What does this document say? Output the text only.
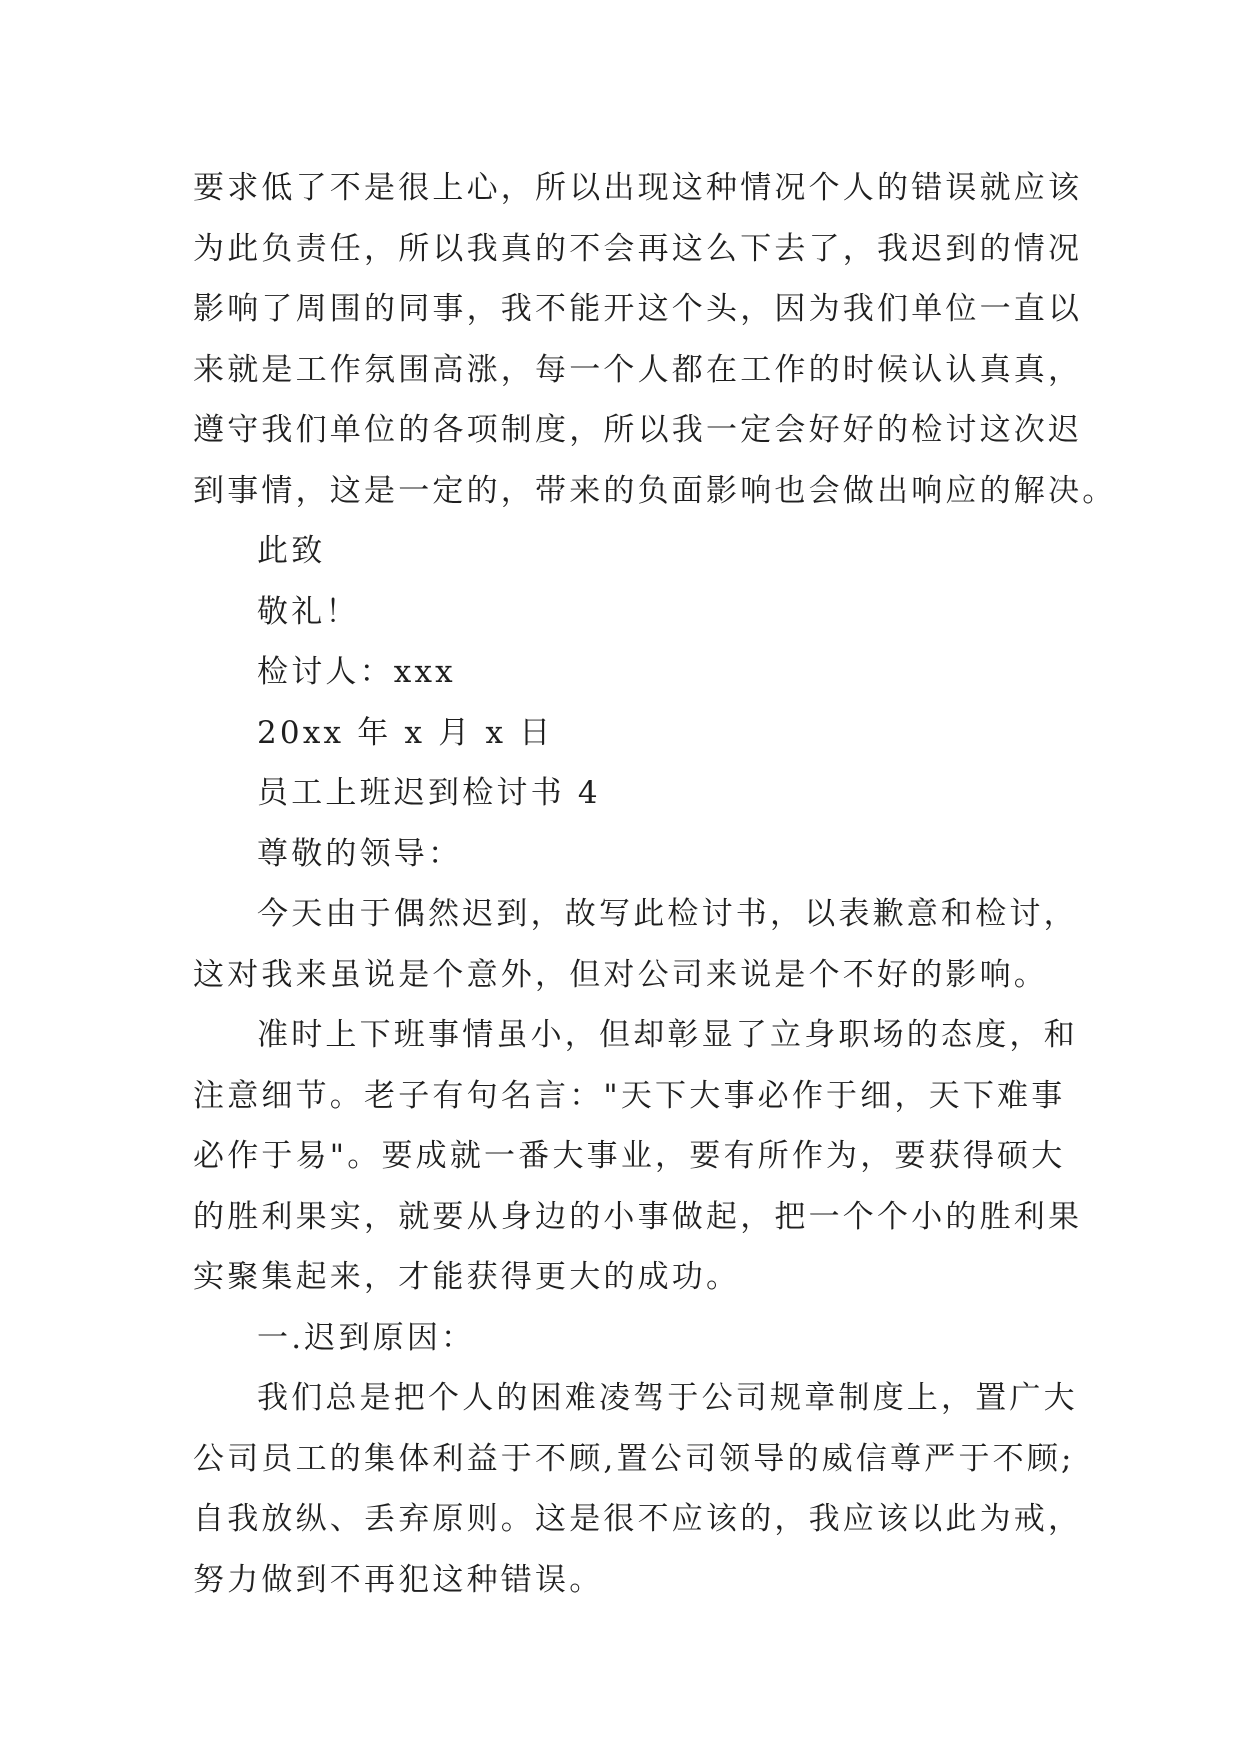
要求低了不是很上心，所以出现这种情况个人的错误就应该
为此负责任，所以我真的不会再这么下去了，我迟到的情况
影响了周围的同事，我不能开这个头，因为我们单位一直以
来就是工作氛围高涨，每一个人都在工作的时候认认真真，
遵守我们单位的各项制度，所以我一定会好好的检讨这次迟
到事情，这是一定的，带来的负面影响也会做出响应的解决。
此致
敬礼！
检讨人：xxx
20xx 年 x 月 x 日
员工上班迟到检讨书 4
尊敬的领导：
今天由于偶然迟到，故写此检讨书，以表歉意和检讨，
这对我来虽说是个意外，但对公司来说是个不好的影响。
准时上下班事情虽小，但却彰显了立身职场的态度，和
注意细节。老子有句名言："天下大事必作于细，天下难事
必作于易"。要成就一番大事业，要有所作为，要获得硕大
的胜利果实，就要从身边的小事做起，把一个个小的胜利果
实聚集起来，才能获得更大的成功。
一.迟到原因：
我们总是把个人的困难凌驾于公司规章制度上，置广大
公司员工的集体利益于不顾,置公司领导的威信尊严于不顾;
自我放纵、丢弃原则。这是很不应该的，我应该以此为戒，
努力做到不再犯这种错误。
